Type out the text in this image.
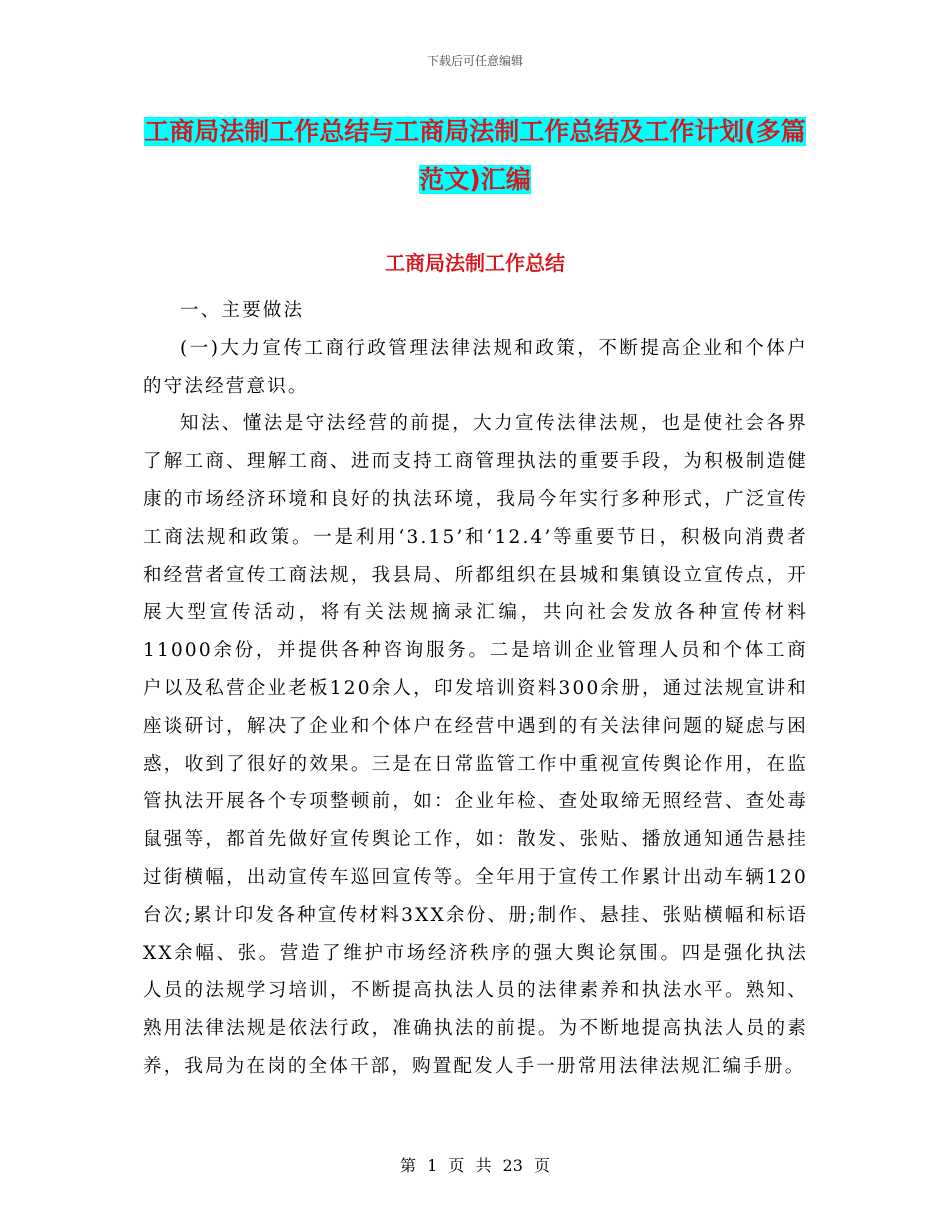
下载后可任意编辑
工商局法制工作总结与工商局法制工作总结及工作计划(多篇范文)汇编
工商局法制工作总结

一、主要做法

(一)大力宣传工商行政管理法律法规和政策，不断提高企业和个体户的守法经营意识。

知法、懂法是守法经营的前提，大力宣传法律法规，也是使社会各界了解工商、理解工商、进而支持工商管理执法的重要手段，为积极制造健康的市场经济环境和良好的执法环境，我局今年实行多种形式，广泛宣传工商法规和政策。一是利用‘3.15’和‘12.4’等重要节日，积极向消费者和经营者宣传工商法规，我县局、所都组织在县城和集镇设立宣传点，开展大型宣传活动，将有关法规摘录汇编，共向社会发放各种宣传材料11000余份，并提供各种咨询服务。二是培训企业管理人员和个体工商户以及私营企业老板120余人，印发培训资料300余册，通过法规宣讲和座谈研讨，解决了企业和个体户在经营中遇到的有关法律问题的疑虑与困惑，收到了很好的效果。三是在日常监管工作中重视宣传舆论作用，在监管执法开展各个专项整顿前，如：企业年检、查处取缔无照经营、查处毒鼠强等，都首先做好宣传舆论工作，如：散发、张贴、播放通知通告悬挂过街横幅，出动宣传车巡回宣传等。全年用于宣传工作累计出动车辆120台次;累计印发各种宣传材料3XX余份、册;制作、悬挂、张贴横幅和标语XX余幅、张。营造了维护市场经济秩序的强大舆论氛围。四是强化执法人员的法规学习培训，不断提高执法人员的法律素养和执法水平。熟知、熟用法律法规是依法行政，准确执法的前提。为不断地提高执法人员的素养，我局为在岗的全体干部，购置配发人手一册常用法律法规汇编手册。

第 1 页 共 23 页
